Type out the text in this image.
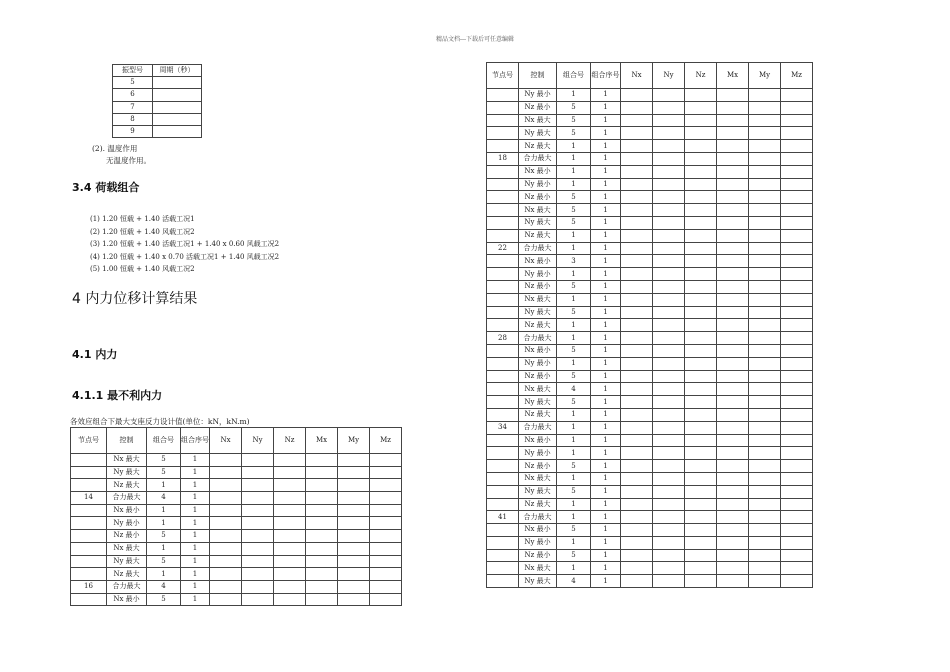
精品文档---下载后可任意编辑
振型号	周期（秒）
5	
6	
7	
8	
9	
(2). 温度作用
无温度作用。
3.4 荷载组合
(1) 1.20 恒载 + 1.40 活载工况1
(2) 1.20 恒载 + 1.40 风载工况2
(3) 1.20 恒载 + 1.40 活载工况1 + 1.40 x 0.60 风载工况2
(4) 1.20 恒载 + 1.40 x 0.70 活载工况1 + 1.40 风载工况2
(5) 1.00 恒载 + 1.40 风载工况2
4 内力位移计算结果
4.1 内力
4.1.1 最不利内力
各效应组合下最大支座反力设计值(单位：kN，kN.m)
节点号	控制	组合号	组合序号	Nx	Ny	Nz	Mx	My	Mz
	Nx 最大	5	1						
	Ny 最大	5	1						
	Nz 最大	1	1						
14	合力最大	4	1						
	Nx 最小	1	1						
	Ny 最小	1	1						
	Nz 最小	5	1						
	Nx 最大	1	1						
	Ny 最大	5	1						
	Nz 最大	1	1						
16	合力最大	4	1						
	Nx 最小	5	1						
节点号	控制	组合号	组合序号	Nx	Ny	Nz	Mx	My	Mz
	Ny 最小	1	1						
	Nz 最小	5	1						
	Nx 最大	5	1						
	Ny 最大	5	1						
	Nz 最大	1	1						
18	合力最大	1	1						
	Nx 最小	1	1						
	Ny 最小	1	1						
	Nz 最小	5	1						
	Nx 最大	5	1						
	Ny 最大	5	1						
	Nz 最大	1	1						
22	合力最大	1	1						
	Nx 最小	3	1						
	Ny 最小	1	1						
	Nz 最小	5	1						
	Nx 最大	1	1						
	Ny 最大	5	1						
	Nz 最大	1	1						
28	合力最大	1	1						
	Nx 最小	5	1						
	Ny 最小	1	1						
	Nz 最小	5	1						
	Nx 最大	4	1						
	Ny 最大	5	1						
	Nz 最大	1	1						
34	合力最大	1	1						
	Nx 最小	1	1						
	Ny 最小	1	1						
	Nz 最小	5	1						
	Nx 最大	1	1						
	Ny 最大	5	1						
	Nz 最大	1	1						
41	合力最大	1	1						
	Nx 最小	5	1						
	Ny 最小	1	1						
	Nz 最小	5	1						
	Nx 最大	1	1						
	Ny 最大	4	1						
